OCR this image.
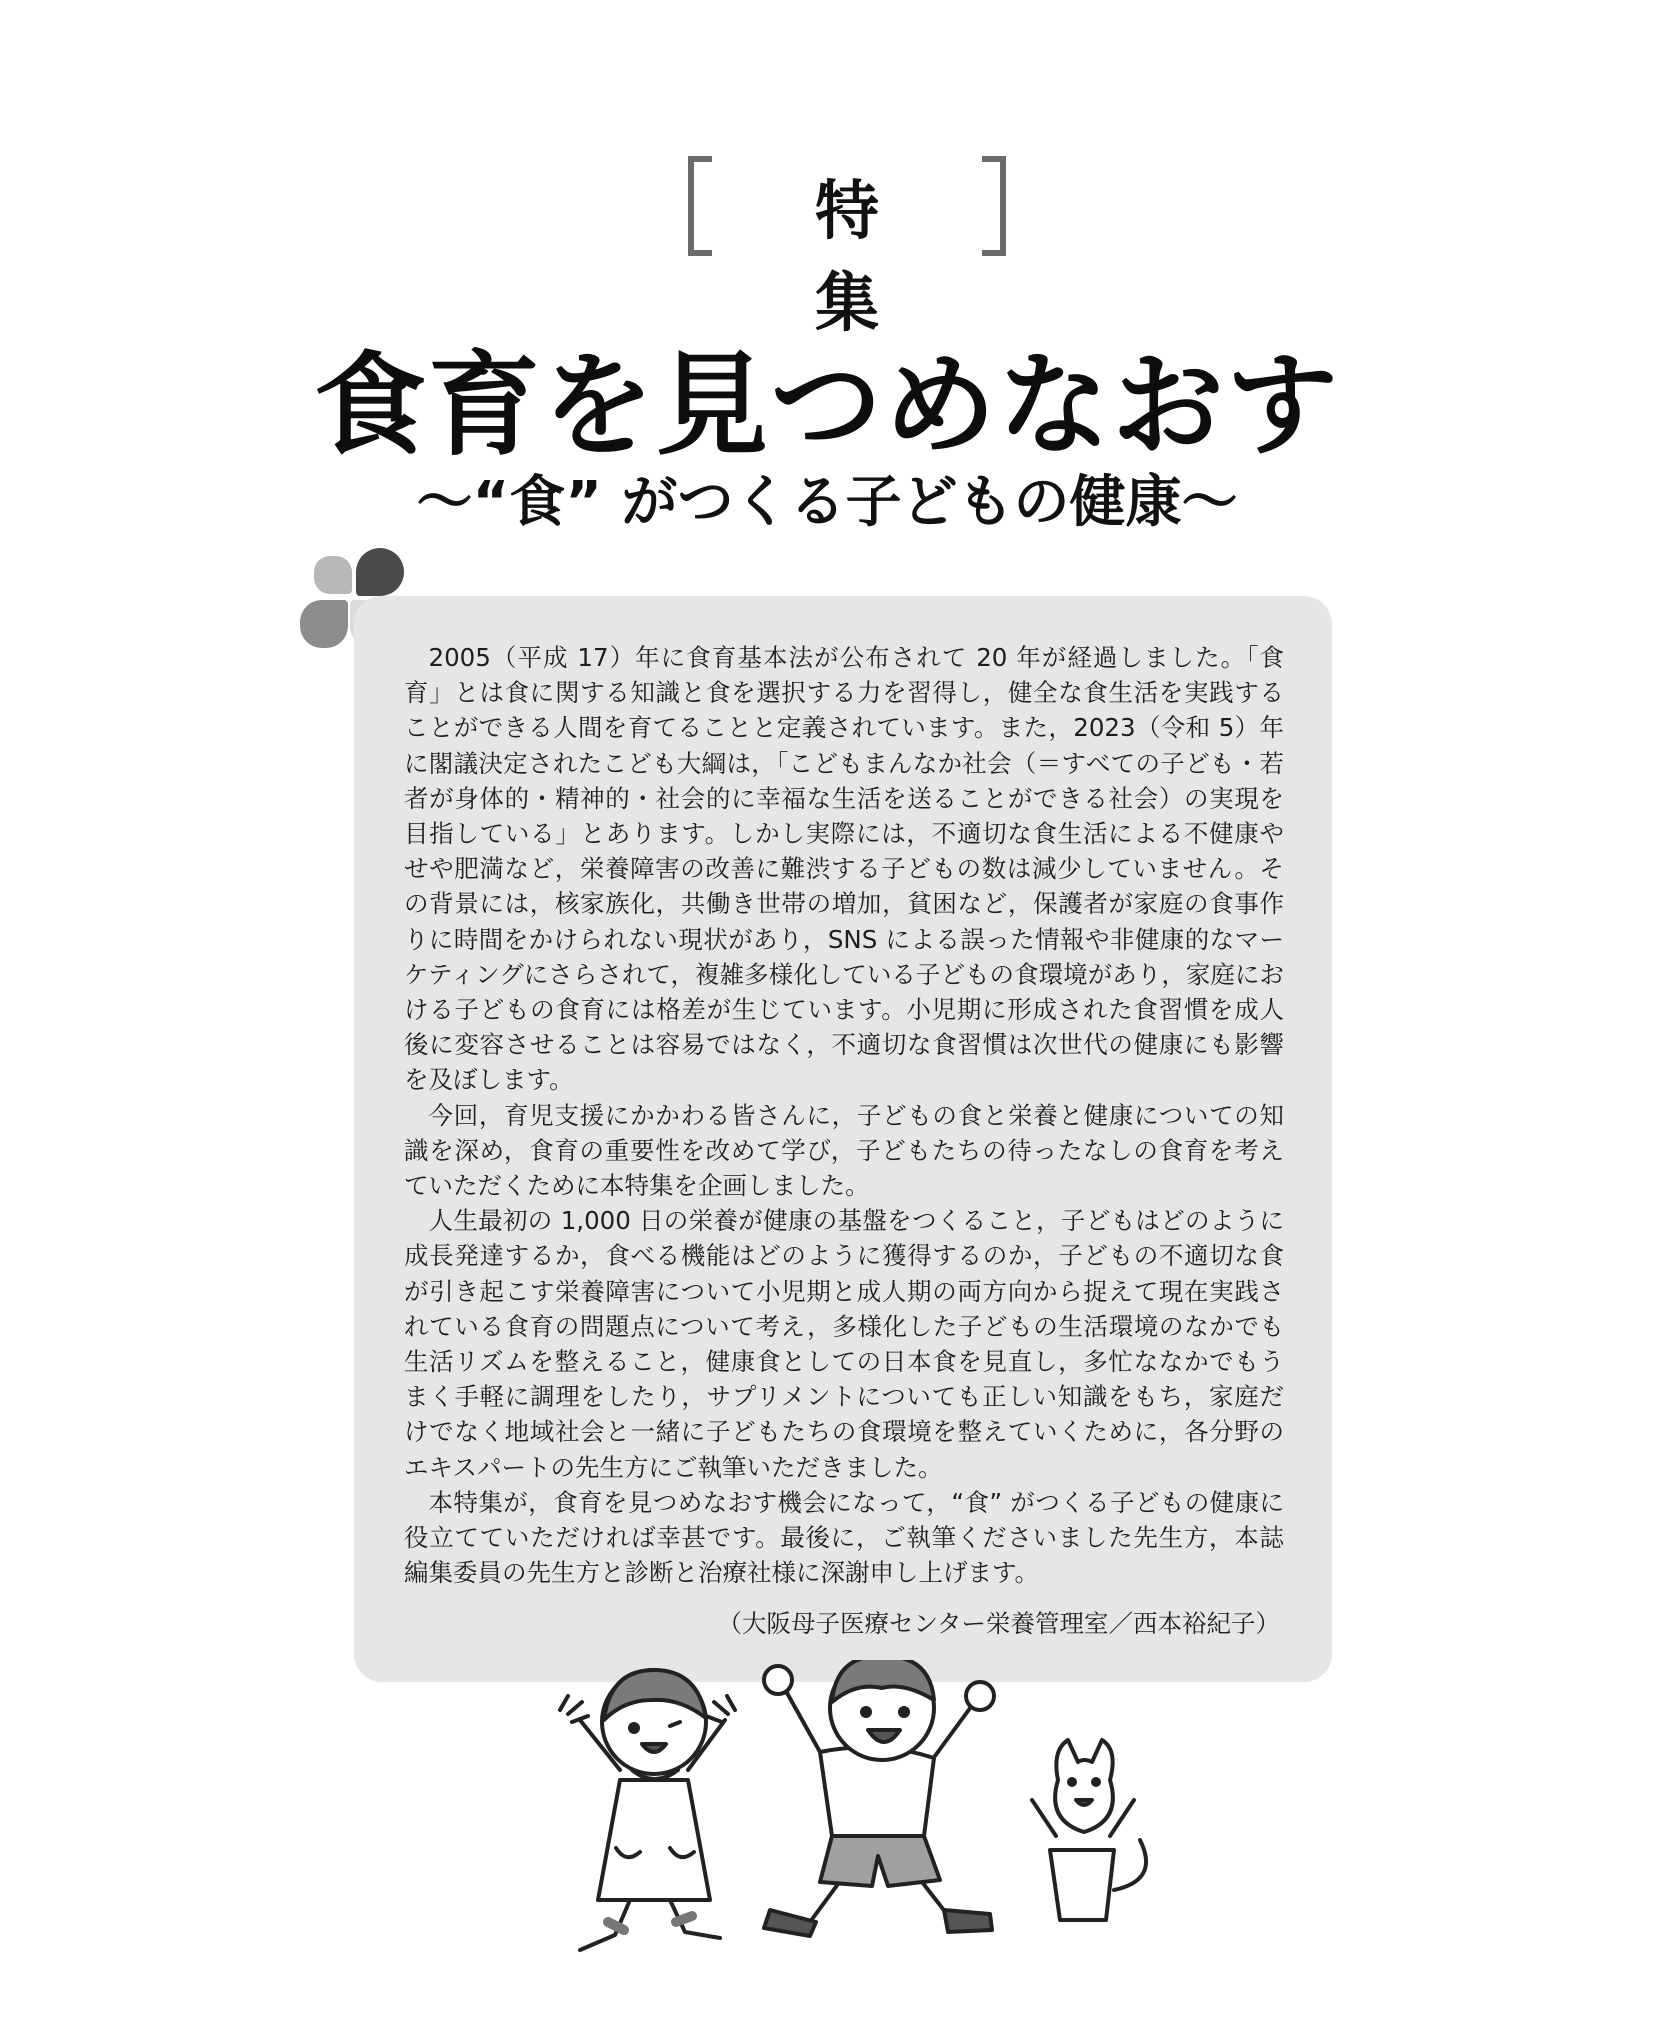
特　集
食育を見つめなおす
～“食” がつくる子どもの健康～

2005（平成 17）年に食育基本法が公布されて 20 年が経過しました。「食育」とは食に関する知識と食を選択する力を習得し，健全な食生活を実践することができる人間を育てることと定義されています。また，2023（令和 5）年に閣議決定されたこども大綱は，「こどもまんなか社会（＝すべての子ども・若者が身体的・精神的・社会的に幸福な生活を送ることができる社会）の実現を目指している」とあります。しかし実際には，不適切な食生活による不健康やせや肥満など，栄養障害の改善に難渋する子どもの数は減少していません。その背景には，核家族化，共働き世帯の増加，貧困など，保護者が家庭の食事作りに時間をかけられない現状があり，SNS による誤った情報や非健康的なマーケティングにさらされて，複雑多様化している子どもの食環境があり，家庭における子どもの食育には格差が生じています。小児期に形成された食習慣を成人後に変容させることは容易ではなく，不適切な食習慣は次世代の健康にも影響を及ぼします。

今回，育児支援にかかわる皆さんに，子どもの食と栄養と健康についての知識を深め，食育の重要性を改めて学び，子どもたちの待ったなしの食育を考えていただくために本特集を企画しました。

人生最初の 1,000 日の栄養が健康の基盤をつくること，子どもはどのように成長発達するか，食べる機能はどのように獲得するのか，子どもの不適切な食が引き起こす栄養障害について小児期と成人期の両方向から捉えて現在実践されている食育の問題点について考え，多様化した子どもの生活環境のなかでも生活リズムを整えること，健康食としての日本食を見直し，多忙ななかでもうまく手軽に調理をしたり，サプリメントについても正しい知識をもち，家庭だけでなく地域社会と一緒に子どもたちの食環境を整えていくために，各分野のエキスパートの先生方にご執筆いただきました。

本特集が，食育を見つめなおす機会になって，“食” がつくる子どもの健康に役立てていただければ幸甚です。最後に，ご執筆くださいました先生方，本誌編集委員の先生方と診断と治療社様に深謝申し上げます。

（大阪母子医療センター栄養管理室／西本裕紀子）
